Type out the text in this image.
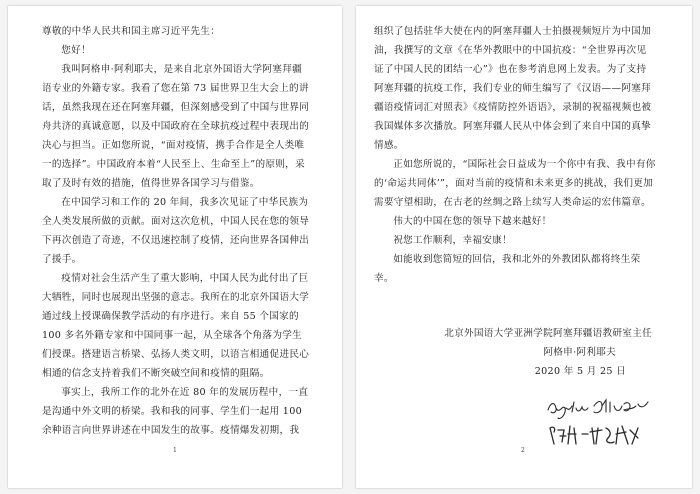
尊敬的中华人民共和国主席习近平先生：

您好！

我叫阿格申·阿利耶夫，是来自北京外国语大学阿塞拜疆语专业的外籍专家。我看了您在第 73 届世界卫生大会上的讲话，虽然我现在还在阿塞拜疆，但深刻感受到了中国与世界同舟共济的真诚意愿，以及中国政府在全球抗疫过程中表现出的决心与担当。正如您所说，“面对疫情，携手合作是全人类唯一的选择”。中国政府本着“人民至上、生命至上”的原则，采取了及时有效的措施，值得世界各国学习与借鉴。

在中国学习和工作的 20 年间，我多次见证了中华民族为全人类发展所做的贡献。面对这次危机，中国人民在您的领导下再次创造了奇迹，不仅迅速控制了疫情，还向世界各国伸出了援手。

疫情对社会生活产生了重大影响，中国人民为此付出了巨大牺牲，同时也展现出坚强的意志。我所在的北京外国语大学通过线上授课确保教学活动的有序进行。来自 55 个国家的 100 多名外籍专家和中国同事一起，从全球各个角落为学生们授课。搭建语言桥梁、弘扬人类文明，以语言相通促进民心相通的信念支持着我们不断突破空间和疫情的阻隔。

事实上，我所工作的北外在近 80 年的发展历程中，一直是沟通中外文明的桥梁。我和我的同事、学生们一起用 100 余种语言向世界讲述在中国发生的故事。疫情爆发初期，我

1

组织了包括驻华大使在内的阿塞拜疆人士拍摄视频短片为中国加油，我撰写的文章《在华外教眼中的中国抗疫：“全世界再次见证了中国人民的团结一心”》也在参考消息网上发表。为了支持阿塞拜疆的抗疫工作，我们专业的师生编写了《汉语——阿塞拜疆语疫情词汇对照表》《疫情防控外语语》，录制的祝福视频也被我国媒体多次播放。阿塞拜疆人民从中体会到了来自中国的真挚情感。

正如您所说的，“国际社会日益成为一个你中有我、我中有你的‘命运共同体’”，面对当前的疫情和未来更多的挑战，我们更加需要守望相助，在古老的丝绸之路上续写人类命运的宏伟篇章。

伟大的中国在您的领导下越来越好！

祝您工作顺利，幸福安康！

如能收到您简短的回信，我和北外的外教团队都将终生荣幸。

北京外国语大学亚洲学院阿塞拜疆语教研室主任
阿格申·阿利耶夫
2020 年 5 月 25 日
2
